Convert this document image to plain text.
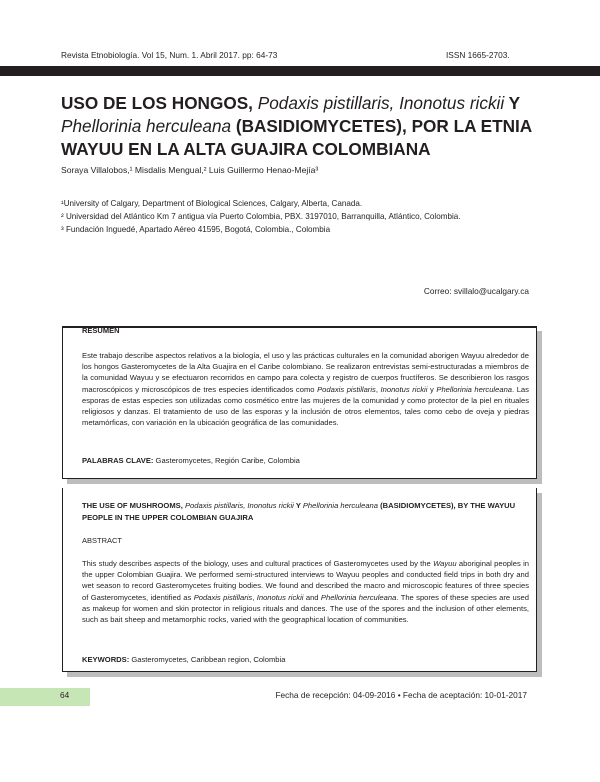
Revista Etnobiología. Vol 15, Num. 1. Abril 2017. pp: 64-73	ISSN 1665-2703.
USO DE LOS HONGOS, Podaxis pistillaris, Inonotus rickii Y Phellorinia herculeana (BASIDIOMYCETES), POR LA ETNIA WAYUU EN LA ALTA GUAJIRA COLOMBIANA
Soraya Villalobos,¹ Misdalis Mengual,² Luis Guillermo Henao-Mejía³
¹University of Calgary, Department of Biological Sciences, Calgary, Alberta, Canada.
² Universidad del Atlántico Km 7 antigua vía Puerto Colombia, PBX. 3197010, Barranquilla, Atlántico, Colombia.
³ Fundación Inguedé, Apartado Aéreo 41595, Bogotá, Colombia., Colombia
Correo: svillalo@ucalgary.ca
RESUMEN
Este trabajo describe aspectos relativos a la biología, el uso y las prácticas culturales en la comunidad aborigen Wayuu alrededor de los hongos Gasteromycetes de la Alta Guajira en el Caribe colombiano. Se realizaron entrevistas semi-estructuradas a miembros de la comunidad Wayuu y se efectuaron recorridos en campo para colecta y registro de cuerpos fructíferos. Se describieron los rasgos macroscópicos y microscópicos de tres especies identificados como Podaxis pistillaris, Inonotus rickii y Phellorinia herculeana. Las esporas de estas especies son utilizadas como cosmético entre las mujeres de la comunidad y como protector de la piel en rituales religiosos y danzas. El tratamiento de uso de las esporas y la inclusión de otros elementos, tales como cebo de oveja y piedras metamórficas, con variación en la ubicación geográfica de las comunidades.
PALABRAS CLAVE: Gasteromycetes, Región Caribe, Colombia
THE USE OF MUSHROOMS, Podaxis pistillaris, Inonotus rickii Y Phellorinia herculeana (BASIDIOMYCETES), BY THE WAYUU PEOPLE IN THE UPPER COLOMBIAN GUAJIRA
ABSTRACT
This study describes aspects of the biology, uses and cultural practices of Gasteromycetes used by the Wayuu aboriginal peoples in the upper Colombian Guajira. We performed semi-structured interviews to Wayuu peoples and conducted field trips in both dry and wet season to record Gasteromycetes fruiting bodies. We found and described the macro and microscopic features of three species of Gasteromycetes, identified as Podaxis pistillaris, Inonotus rickii and Phellorinia herculeana. The spores of these species are used as makeup for women and skin protector in religious rituals and dances. The use of the spores and the inclusion of other elements, such as bait sheep and metamorphic rocks, varied with the geographical location of communities.
KEYWORDS: Gasteromycetes, Caribbean region, Colombia
64	Fecha de recepción: 04-09-2016 • Fecha de aceptación: 10-01-2017
